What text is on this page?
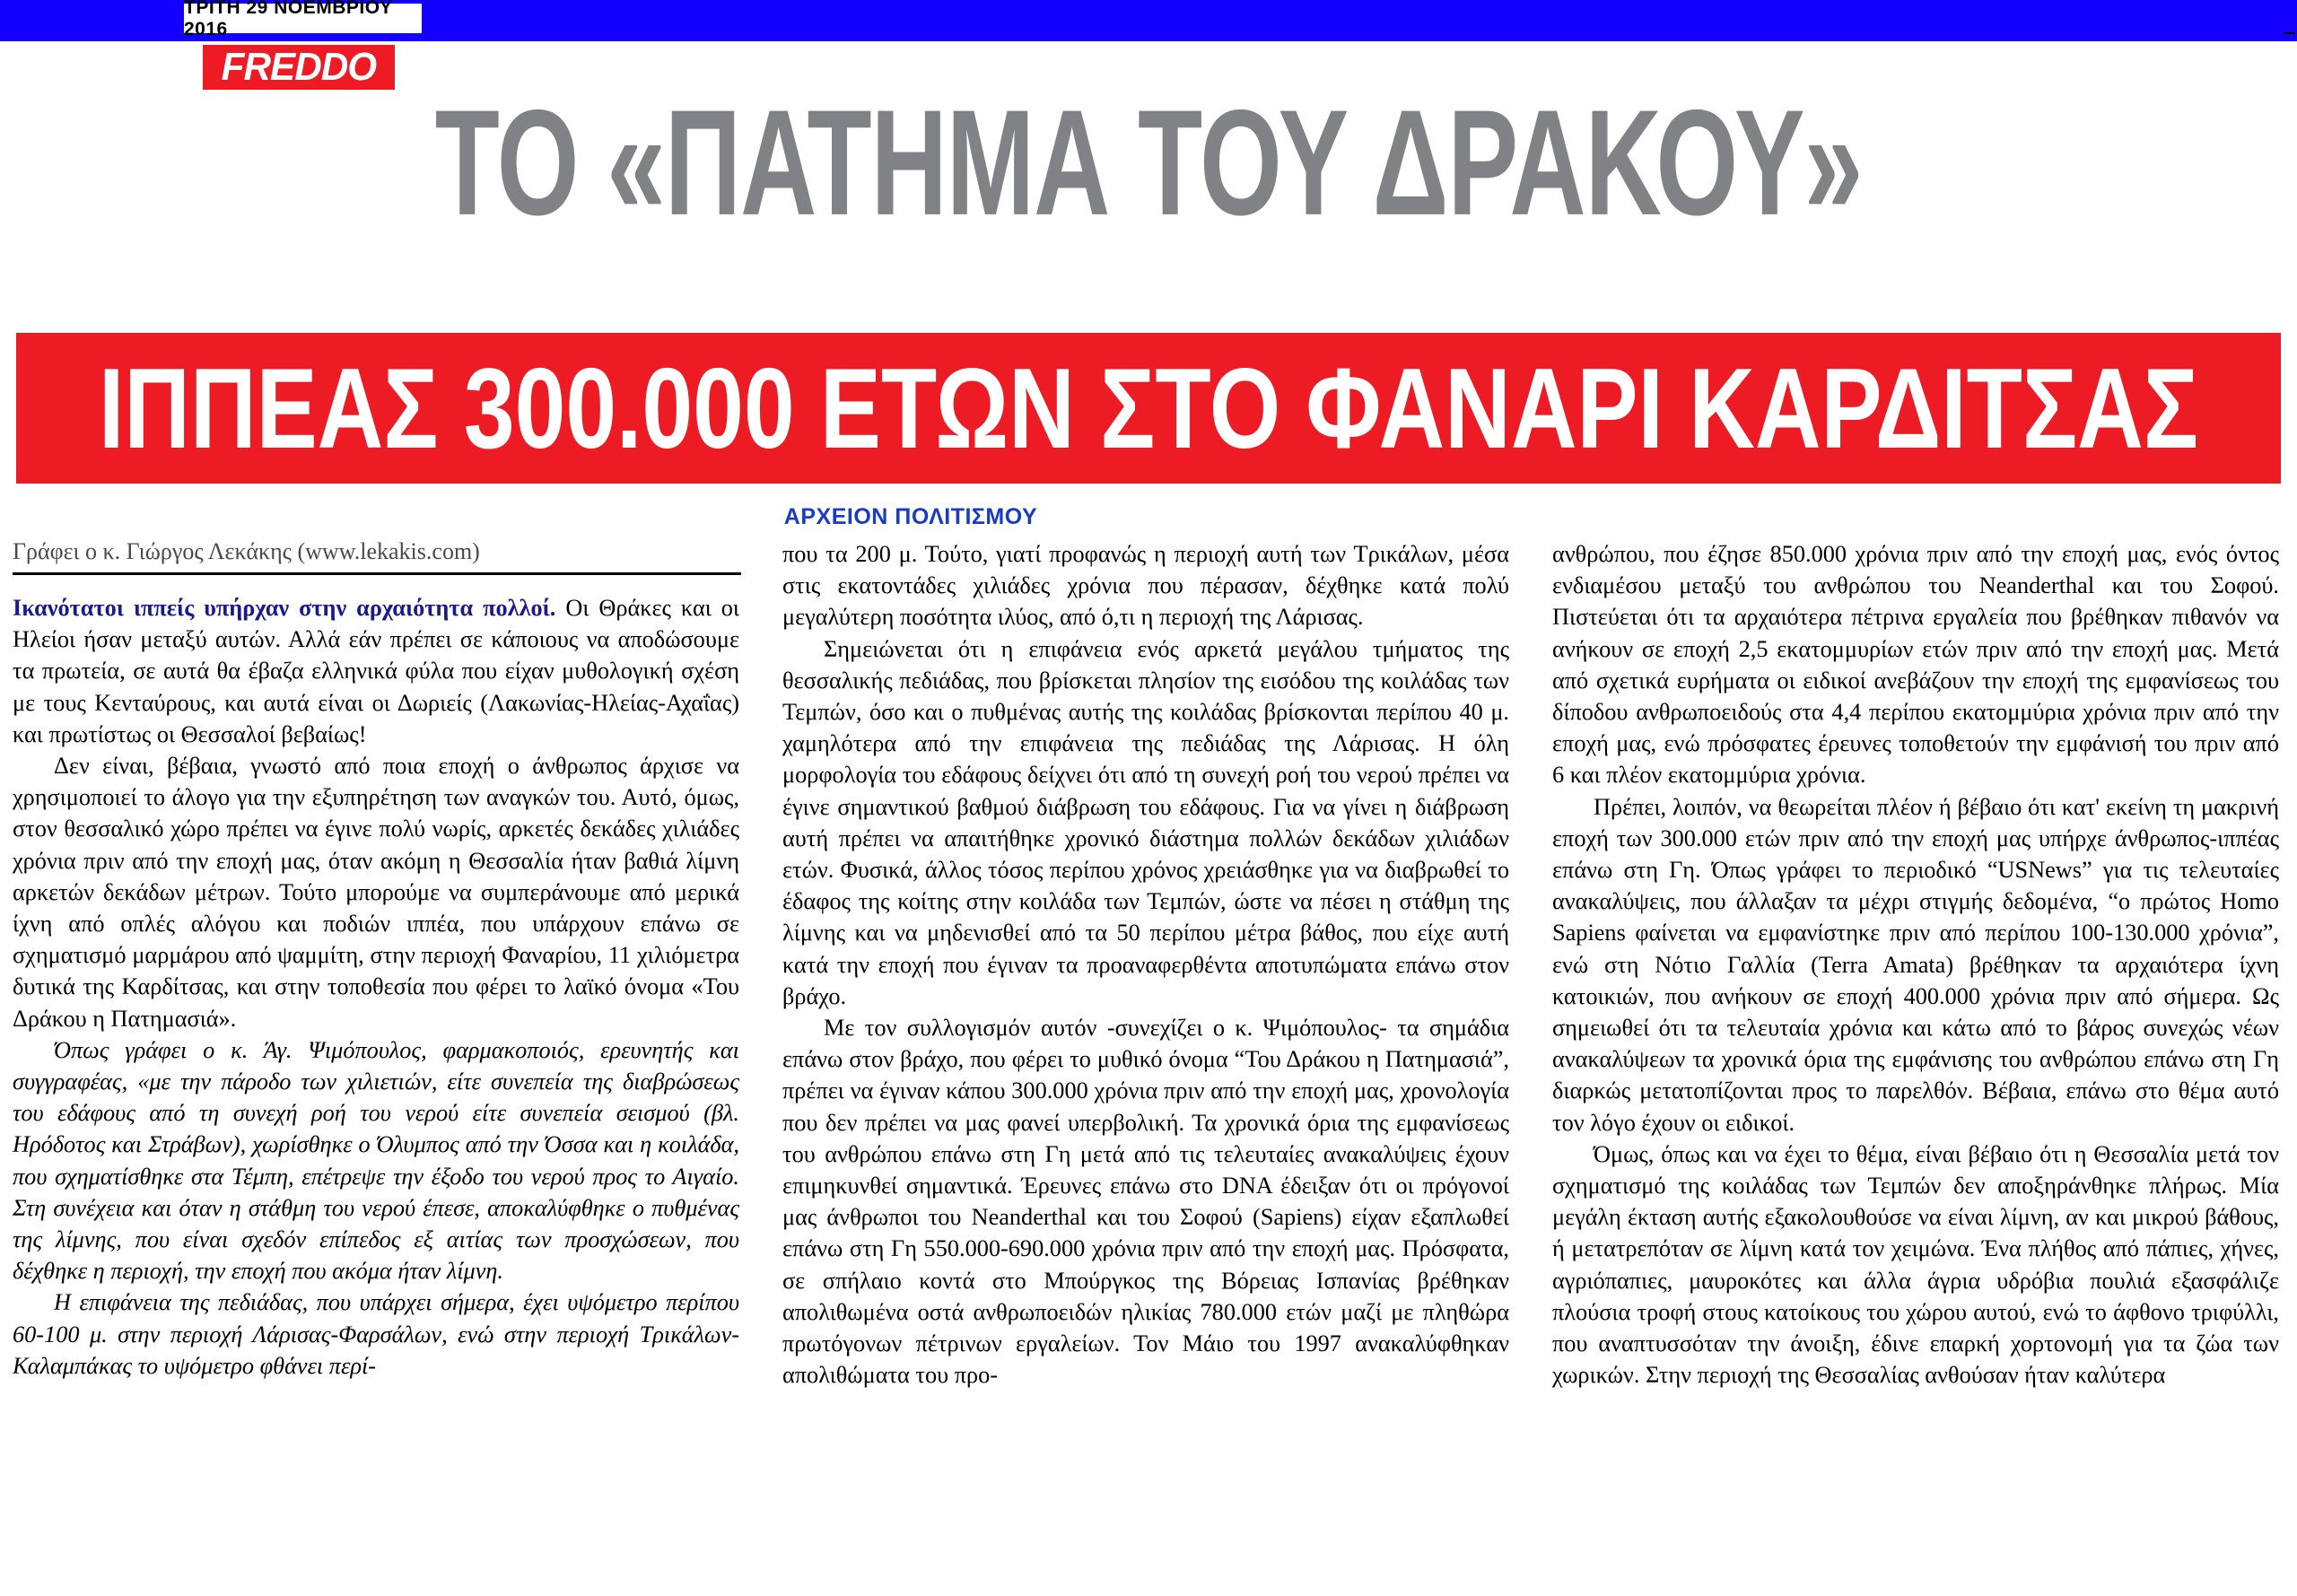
ΤΡΙΤΗ 29 ΝΟΕΜΒΡΙΟΥ 2016
FREDDO
ΤΟ «ΠΑΤΗΜΑ ΤΟΥ ΔΡΑΚΟΥ»
ΙΠΠΕΑΣ 300.000 ΕΤΩΝ ΣΤΟ ΦΑΝΑΡΙ ΚΑΡΔΙΤΣΑΣ
ΑΡΧΕΙΟΝ ΠΟΛΙΤΙΣΜΟΥ
Γράφει ο κ. Γιώργος Λεκάκης (www.lekakis.com)

Ικανότατοι ιππείς υπήρχαν στην αρχαιότητα πολλοί. Οι Θράκες και οι Ηλείοι ήσαν μεταξύ αυτών. Αλλά εάν πρέπει σε κάποιους να αποδώσουμε τα πρωτεία, σε αυτά θα έβαζα ελληνικά φύλα που είχαν μυθολογική σχέση με τους Κενταύρους, και αυτά είναι οι Δωριείς (Λακωνίας-Ηλείας-Αχαΐας) και πρωτίστως οι Θεσσαλοί βεβαίως!

Δεν είναι, βέβαια, γνωστό από ποια εποχή ο άνθρωπος άρχισε να χρησιμοποιεί το άλογο για την εξυπηρέτηση των αναγκών του. Αυτό, όμως, στον θεσσαλικό χώρο πρέπει να έγινε πολύ νωρίς, αρκετές δεκάδες χιλιάδες χρόνια πριν από την εποχή μας, όταν ακόμη η Θεσσαλία ήταν βαθιά λίμνη αρκετών δεκάδων μέτρων. Τούτο μπορούμε να συμπεράνουμε από μερικά ίχνη από οπλές αλόγου και ποδιών ιππέα, που υπάρχουν επάνω σε σχηματισμό μαρμάρου από ψαμμίτη, στην περιοχή Φαναρίου, 11 χιλιόμετρα δυτικά της Καρδίτσας, και στην τοποθεσία που φέρει το λαϊκό όνομα «Του Δράκου η Πατημασιά».

Όπως γράφει ο κ. Άγ. Ψιμόπουλος, φαρμακοποιός, ερευνητής και συγγραφέας, «με την πάροδο των χιλιετιών, είτε συνεπεία της διαβρώσεως του εδάφους από τη συνεχή ροή του νερού είτε συνεπεία σεισμού (βλ. Ηρόδοτος και Στράβων), χωρίσθηκε ο Όλυμπος από την Όσσα και η κοιλάδα, που σχηματίσθηκε στα Τέμπη, επέτρεψε την έξοδο του νερού προς το Αιγαίο. Στη συνέχεια και όταν η στάθμη του νερού έπεσε, αποκαλύφθηκε ο πυθμένας της λίμνης, που είναι σχεδόν επίπεδος εξ αιτίας των προσχώσεων, που δέχθηκε η περιοχή, την εποχή που ακόμα ήταν λίμνη.

Η επιφάνεια της πεδιάδας, που υπάρχει σήμερα, έχει υψόμετρο περίπου 60-100 μ. στην περιοχή Λάρισας-Φαρσάλων, ενώ στην περιοχή Τρικάλων-Καλαμπάκας το υψόμετρο φθάνει περί-

που τα 200 μ. Τούτο, γιατί προφανώς η περιοχή αυτή των Τρικάλων, μέσα στις εκατοντάδες χιλιάδες χρόνια που πέρασαν, δέχθηκε κατά πολύ μεγαλύτερη ποσότητα ιλύος, από ό,τι η περιοχή της Λάρισας.

Σημειώνεται ότι η επιφάνεια ενός αρκετά μεγάλου τμήματος της θεσσαλικής πεδιάδας, που βρίσκεται πλησίον της εισόδου της κοιλάδας των Τεμπών, όσο και ο πυθμένας αυτής της κοιλάδας βρίσκονται περίπου 40 μ. χαμηλότερα από την επιφάνεια της πεδιάδας της Λάρισας. Η όλη μορφολογία του εδάφους δείχνει ότι από τη συνεχή ροή του νερού πρέπει να έγινε σημαντικού βαθμού διάβρωση του εδάφους. Για να γίνει η διάβρωση αυτή πρέπει να απαιτήθηκε χρονικό διάστημα πολλών δεκάδων χιλιάδων ετών. Φυσικά, άλλος τόσος περίπου χρόνος χρειάσθηκε για να διαβρωθεί το έδαφος της κοίτης στην κοιλάδα των Τεμπών, ώστε να πέσει η στάθμη της λίμνης και να μηδενισθεί από τα 50 περίπου μέτρα βάθος, που είχε αυτή κατά την εποχή που έγιναν τα προαναφερθέντα αποτυπώματα επάνω στον βράχο.

Με τον συλλογισμόν αυτόν -συνεχίζει ο κ. Ψιμόπουλος- τα σημάδια επάνω στον βράχο, που φέρει το μυθικό όνομα “Του Δράκου η Πατημασιά”, πρέπει να έγιναν κάπου 300.000 χρόνια πριν από την εποχή μας, χρονολογία που δεν πρέπει να μας φανεί υπερβολική. Τα χρονικά όρια της εμφανίσεως του ανθρώπου επάνω στη Γη μετά από τις τελευταίες ανακαλύψεις έχουν επιμηκυνθεί σημαντικά. Έρευνες επάνω στο DNA έδειξαν ότι οι πρόγονοί μας άνθρωποι του Neanderthal και του Σοφού (Sapiens) είχαν εξαπλωθεί επάνω στη Γη 550.000-690.000 χρόνια πριν από την εποχή μας. Πρόσφατα, σε σπήλαιο κοντά στο Μπούργκος της Βόρειας Ισπανίας βρέθηκαν απολιθωμένα οστά ανθρωποειδών ηλικίας 780.000 ετών μαζί με πληθώρα πρωτόγονων πέτρινων εργαλείων. Τον Μάιο του 1997 ανακαλύφθηκαν απολιθώματα του προ-

ανθρώπου, που έζησε 850.000 χρόνια πριν από την εποχή μας, ενός όντος ενδιαμέσου μεταξύ του ανθρώπου του Neanderthal και του Σοφού. Πιστεύεται ότι τα αρχαιότερα πέτρινα εργαλεία που βρέθηκαν πιθανόν να ανήκουν σε εποχή 2,5 εκατομμυρίων ετών πριν από την εποχή μας. Μετά από σχετικά ευρήματα οι ειδικοί ανεβάζουν την εποχή της εμφανίσεως του δίποδου ανθρωποειδούς στα 4,4 περίπου εκατομμύρια χρόνια πριν από την εποχή μας, ενώ πρόσφατες έρευνες τοποθετούν την εμφάνισή του πριν από 6 και πλέον εκατομμύρια χρόνια.

Πρέπει, λοιπόν, να θεωρείται πλέον ή βέβαιο ότι κατ' εκείνη τη μακρινή εποχή των 300.000 ετών πριν από την εποχή μας υπήρχε άνθρωπος-ιππέας επάνω στη Γη. Όπως γράφει το περιοδικό “USNews” για τις τελευταίες ανακαλύψεις, που άλλαξαν τα μέχρι στιγμής δεδομένα, “ο πρώτος Homo Sapiens φαίνεται να εμφανίστηκε πριν από περίπου 100-130.000 χρόνια”, ενώ στη Νότιο Γαλλία (Terra Amata) βρέθηκαν τα αρχαιότερα ίχνη κατοικιών, που ανήκουν σε εποχή 400.000 χρόνια πριν από σήμερα. Ως σημειωθεί ότι τα τελευταία χρόνια και κάτω από το βάρος συνεχώς νέων ανακαλύψεων τα χρονικά όρια της εμφάνισης του ανθρώπου επάνω στη Γη διαρκώς μετατοπίζονται προς το παρελθόν. Βέβαια, επάνω στο θέμα αυτό τον λόγο έχουν οι ειδικοί.

Όμως, όπως και να έχει το θέμα, είναι βέβαιο ότι η Θεσσαλία μετά τον σχηματισμό της κοιλάδας των Τεμπών δεν αποξηράνθηκε πλήρως. Μία μεγάλη έκταση αυτής εξακολουθούσε να είναι λίμνη, αν και μικρού βάθους, ή μετατρεπόταν σε λίμνη κατά τον χειμώνα. Ένα πλήθος από πάπιες, χήνες, αγριόπαπιες, μαυροκότες και άλλα άγρια υδρόβια πουλιά εξασφάλιζε πλούσια τροφή στους κατοίκους του χώρου αυτού, ενώ το άφθονο τριφύλλι, που αναπτυσσόταν την άνοιξη, έδινε επαρκή χορτονομή για τα ζώα των χωρικών. Στην περιοχή της Θεσσαλίας ανθούσαν ήταν καλύτερα
